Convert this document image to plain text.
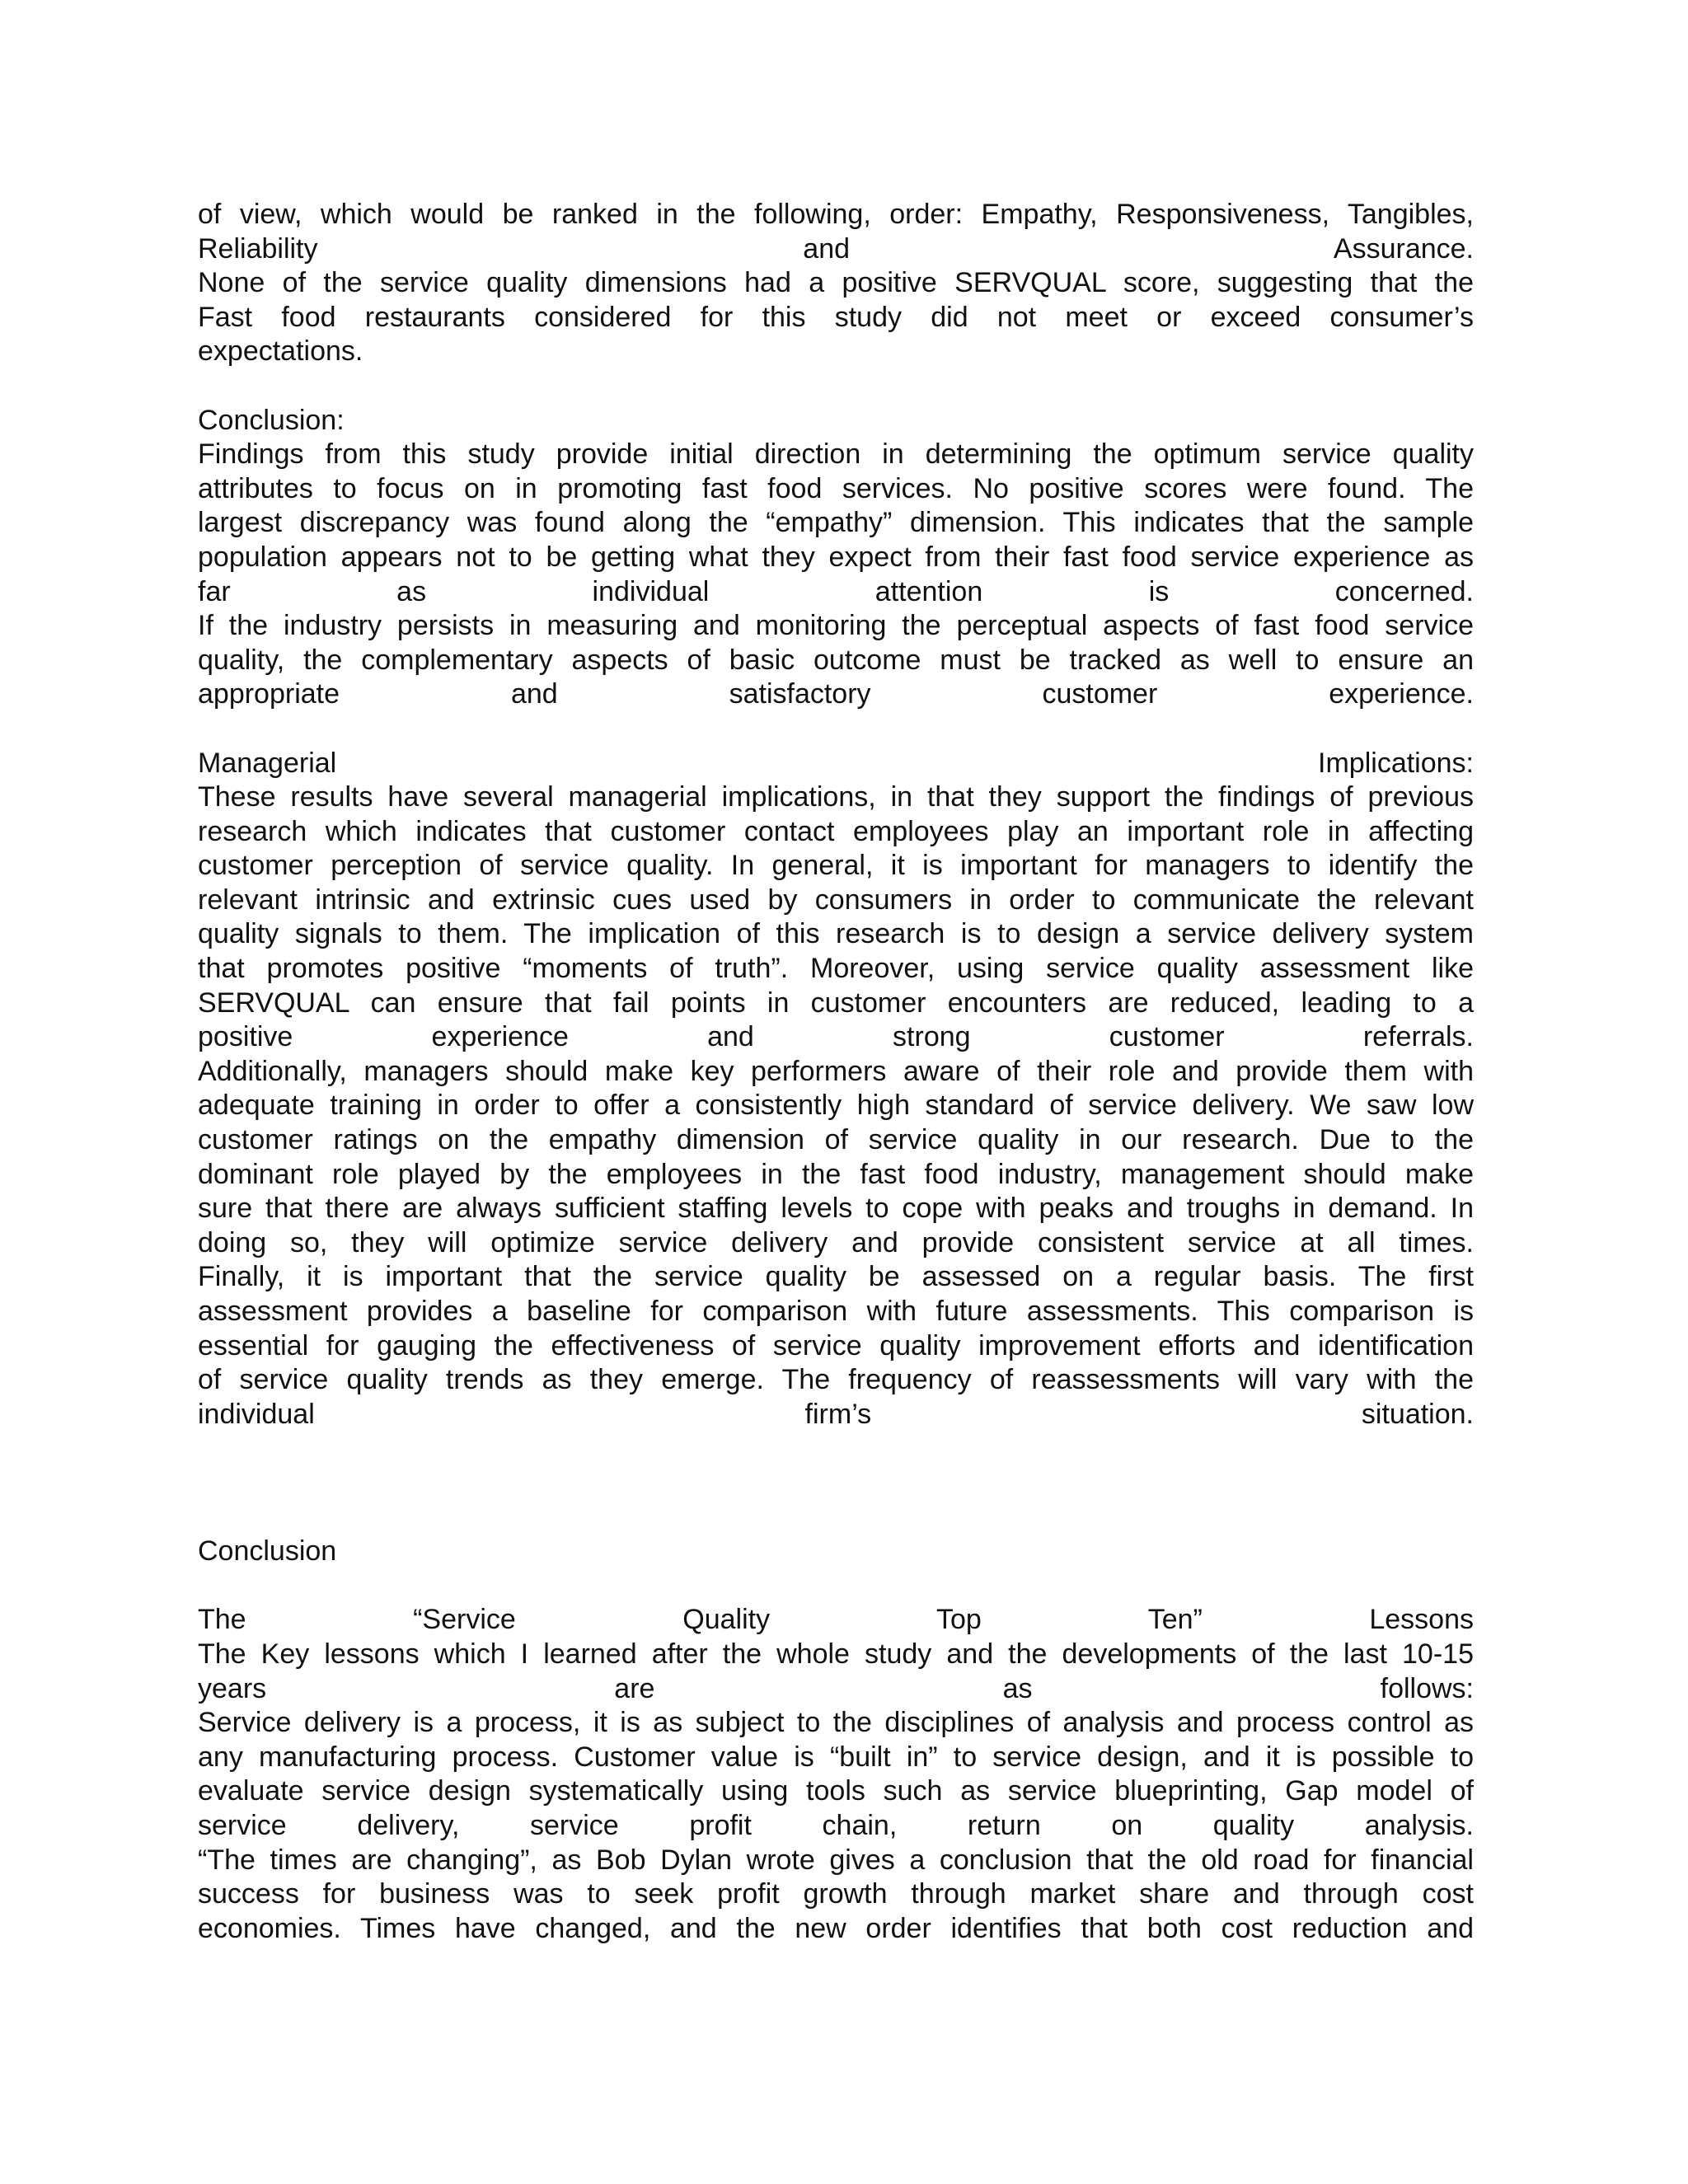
of view, which would be ranked in the following, order: Empathy, Responsiveness, Tangibles,
Reliability and Assurance.
None of the service quality dimensions had a positive SERVQUAL score, suggesting that the
Fast food restaurants considered for this study did not meet or exceed consumer’s
expectations.
Conclusion:
Findings from this study provide initial direction in determining the optimum service quality
attributes to focus on in promoting fast food services. No positive scores were found. The
largest discrepancy was found along the “empathy” dimension. This indicates that the sample
population appears not to be getting what they expect from their fast food service experience as
far as individual attention is concerned.
If the industry persists in measuring and monitoring the perceptual aspects of fast food service
quality, the complementary aspects of basic outcome must be tracked as well to ensure an
appropriate and satisfactory customer experience.
Managerial Implications:
These results have several managerial implications, in that they support the findings of previous
research which indicates that customer contact employees play an important role in affecting
customer perception of service quality. In general, it is important for managers to identify the
relevant intrinsic and extrinsic cues used by consumers in order to communicate the relevant
quality signals to them. The implication of this research is to design a service delivery system
that promotes positive “moments of truth”. Moreover, using service quality assessment like
SERVQUAL can ensure that fail points in customer encounters are reduced, leading to a
positive experience and strong customer referrals.
Additionally, managers should make key performers aware of their role and provide them with
adequate training in order to offer a consistently high standard of service delivery. We saw low
customer ratings on the empathy dimension of service quality in our research. Due to the
dominant role played by the employees in the fast food industry, management should make
sure that there are always sufficient staffing levels to cope with peaks and troughs in demand. In
doing so, they will optimize service delivery and provide consistent service at all times.
Finally, it is important that the service quality be assessed on a regular basis. The first
assessment provides a baseline for comparison with future assessments. This comparison is
essential for gauging the effectiveness of service quality improvement efforts and identification
of service quality trends as they emerge. The frequency of reassessments will vary with the
individual firm’s situation.
Conclusion
The “Service Quality Top Ten” Lessons
The Key lessons which I learned after the whole study and the developments of the last 10-15
years are as follows:
Service delivery is a process, it is as subject to the disciplines of analysis and process control as
any manufacturing process. Customer value is “built in” to service design, and it is possible to
evaluate service design systematically using tools such as service blueprinting, Gap model of
service delivery, service profit chain, return on quality analysis.
“The times are changing”, as Bob Dylan wrote gives a conclusion that the old road for financial
success for business was to seek profit growth through market share and through cost
economies. Times have changed, and the new order identifies that both cost reduction and
